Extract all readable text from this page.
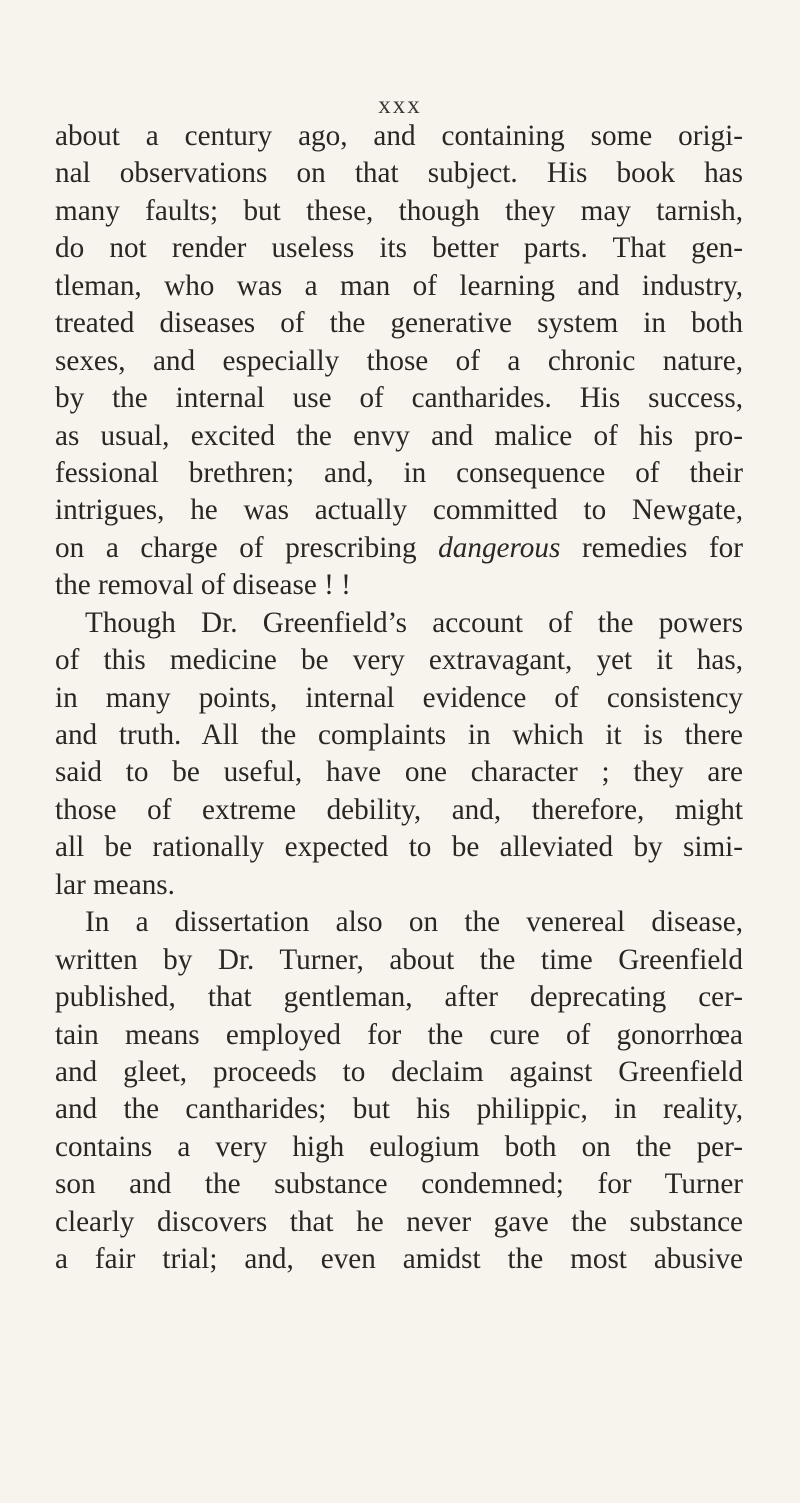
xxx
about a century ago, and containing some origi-
nal observations on that subject. His book has
many faults; but these, though they may tarnish,
do not render useless its better parts. That gen-
tleman, who was a man of learning and industry,
treated diseases of the generative system in both
sexes, and especially those of a chronic nature,
by the internal use of cantharides. His success,
as usual, excited the envy and malice of his pro-
fessional brethren; and, in consequence of their
intrigues, he was actually committed to Newgate,
on a charge of prescribing dangerous remedies for
the removal of disease ! !
Though Dr. Greenfield’s account of the powers
of this medicine be very extravagant, yet it has,
in many points, internal evidence of consistency
and truth. All the complaints in which it is there
said to be useful, have one character ; they are
those of extreme debility, and, therefore, might
all be rationally expected to be alleviated by simi-
lar means.
In a dissertation also on the venereal disease,
written by Dr. Turner, about the time Greenfield
published, that gentleman, after deprecating cer-
tain means employed for the cure of gonorrhœa
and gleet, proceeds to declaim against Greenfield
and the cantharides; but his philippic, in reality,
contains a very high eulogium both on the per-
son and the substance condemned; for Turner
clearly discovers that he never gave the substance
a fair trial; and, even amidst the most abusive
